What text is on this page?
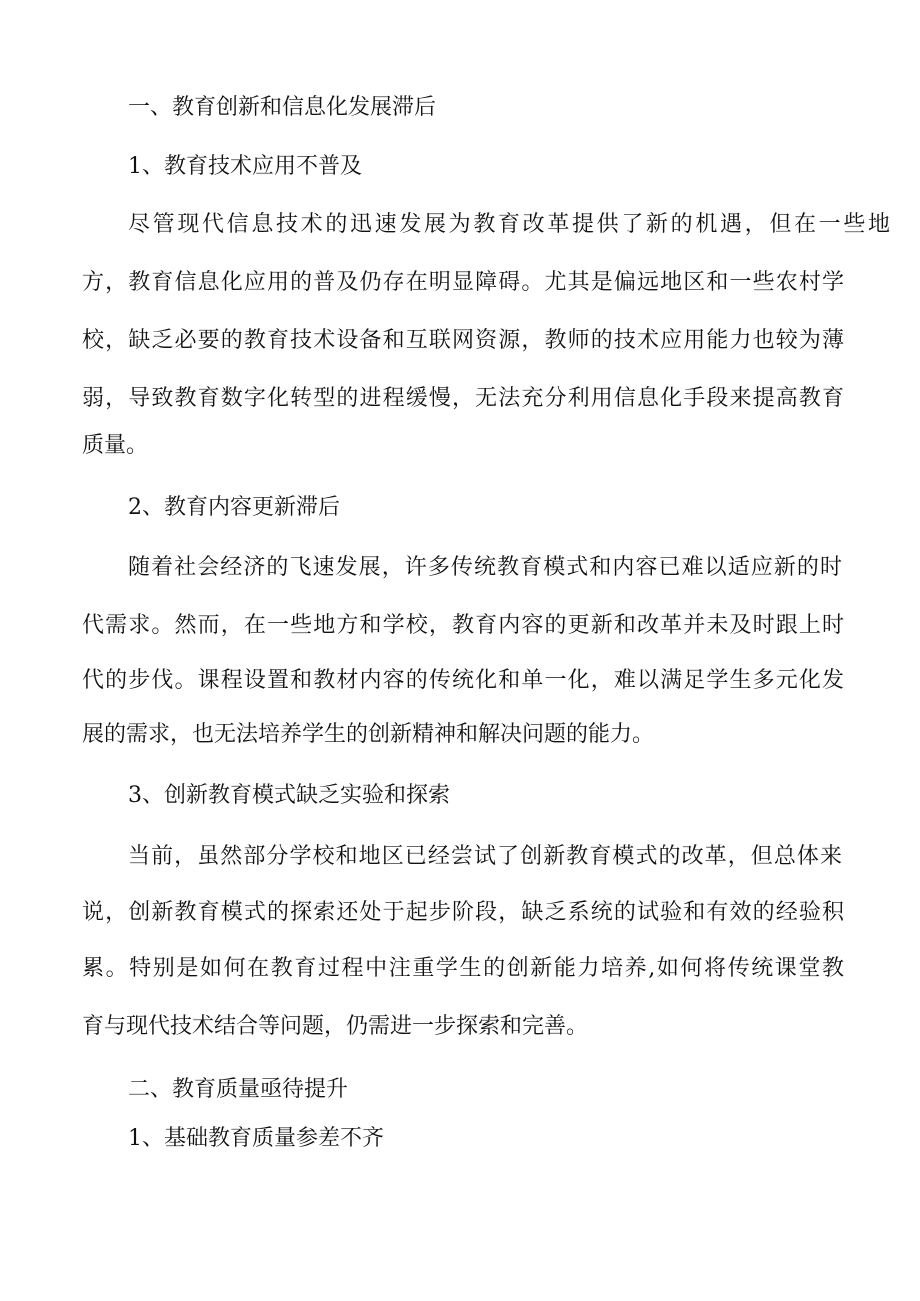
一、教育创新和信息化发展滞后
1、教育技术应用不普及
尽管现代信息技术的迅速发展为教育改革提供了新的机遇，但在一些地
方，教育信息化应用的普及仍存在明显障碍。尤其是偏远地区和一些农村学
校，缺乏必要的教育技术设备和互联网资源，教师的技术应用能力也较为薄
弱，导致教育数字化转型的进程缓慢，无法充分利用信息化手段来提高教育
质量。
2、教育内容更新滞后
随着社会经济的飞速发展，许多传统教育模式和内容已难以适应新的时
代需求。然而，在一些地方和学校，教育内容的更新和改革并未及时跟上时
代的步伐。课程设置和教材内容的传统化和单一化，难以满足学生多元化发
展的需求，也无法培养学生的创新精神和解决问题的能力。
3、创新教育模式缺乏实验和探索
当前，虽然部分学校和地区已经尝试了创新教育模式的改革，但总体来
说，创新教育模式的探索还处于起步阶段，缺乏系统的试验和有效的经验积
累。特别是如何在教育过程中注重学生的创新能力培养,如何将传统课堂教
育与现代技术结合等问题，仍需进一步探索和完善。
二、教育质量亟待提升
1、基础教育质量参差不齐
